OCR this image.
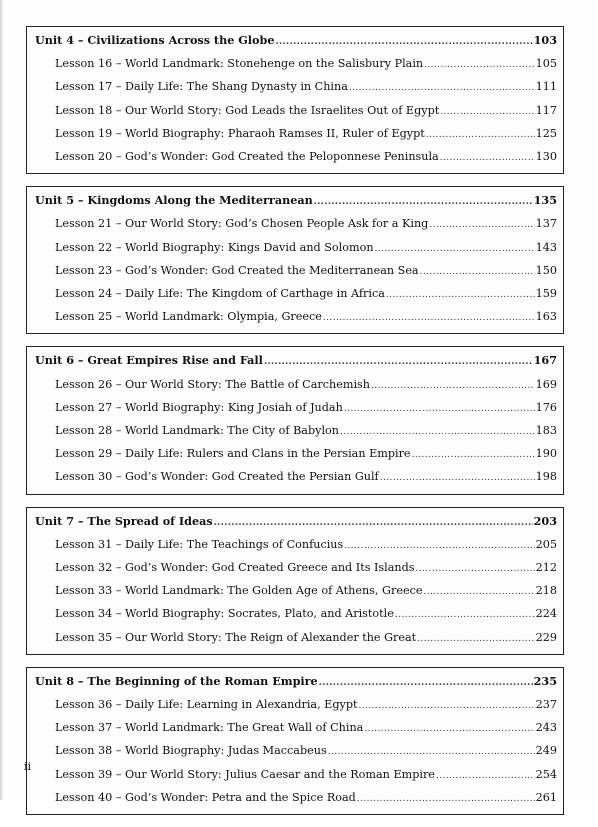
Unit 4 – Civilizations Across the Globe .....	103
Lesson 16 – World Landmark: Stonehenge on the Salisbury Plain .....	105
Lesson 17 – Daily Life: The Shang Dynasty in China .....	111
Lesson 18 – Our World Story: God Leads the Israelites Out of Egypt .....	117
Lesson 19 – World Biography: Pharaoh Ramses II, Ruler of Egypt .....	125
Lesson 20 – God’s Wonder: God Created the Peloponnese Peninsula .....	130
Unit 5 – Kingdoms Along the Mediterranean .....	135
Lesson 21 – Our World Story: God’s Chosen People Ask for a King .....	137
Lesson 22 – World Biography: Kings David and Solomon .....	143
Lesson 23 – God’s Wonder: God Created the Mediterranean Sea .....	150
Lesson 24 – Daily Life: The Kingdom of Carthage in Africa .....	159
Lesson 25 – World Landmark: Olympia, Greece .....	163
Unit 6 – Great Empires Rise and Fall .....	167
Lesson 26 – Our World Story: The Battle of Carchemish .....	169
Lesson 27 – World Biography: King Josiah of Judah .....	176
Lesson 28 – World Landmark: The City of Babylon .....	183
Lesson 29 – Daily Life: Rulers and Clans in the Persian Empire .....	190
Lesson 30 – God’s Wonder: God Created the Persian Gulf .....	198
Unit 7 – The Spread of Ideas .....	203
Lesson 31 – Daily Life: The Teachings of Confucius .....	205
Lesson 32 – God’s Wonder: God Created Greece and Its Islands .....	212
Lesson 33 – World Landmark: The Golden Age of Athens, Greece .....	218
Lesson 34 – World Biography: Socrates, Plato, and Aristotle .....	224
Lesson 35 – Our World Story: The Reign of Alexander the Great .....	229
Unit 8 – The Beginning of the Roman Empire .....	235
Lesson 36 – Daily Life: Learning in Alexandria, Egypt .....	237
Lesson 37 – World Landmark: The Great Wall of China .....	243
Lesson 38 – World Biography: Judas Maccabeus .....	249
Lesson 39 – Our World Story: Julius Caesar and the Roman Empire .....	254
Lesson 40 – God’s Wonder: Petra and the Spice Road .....	261
ii
